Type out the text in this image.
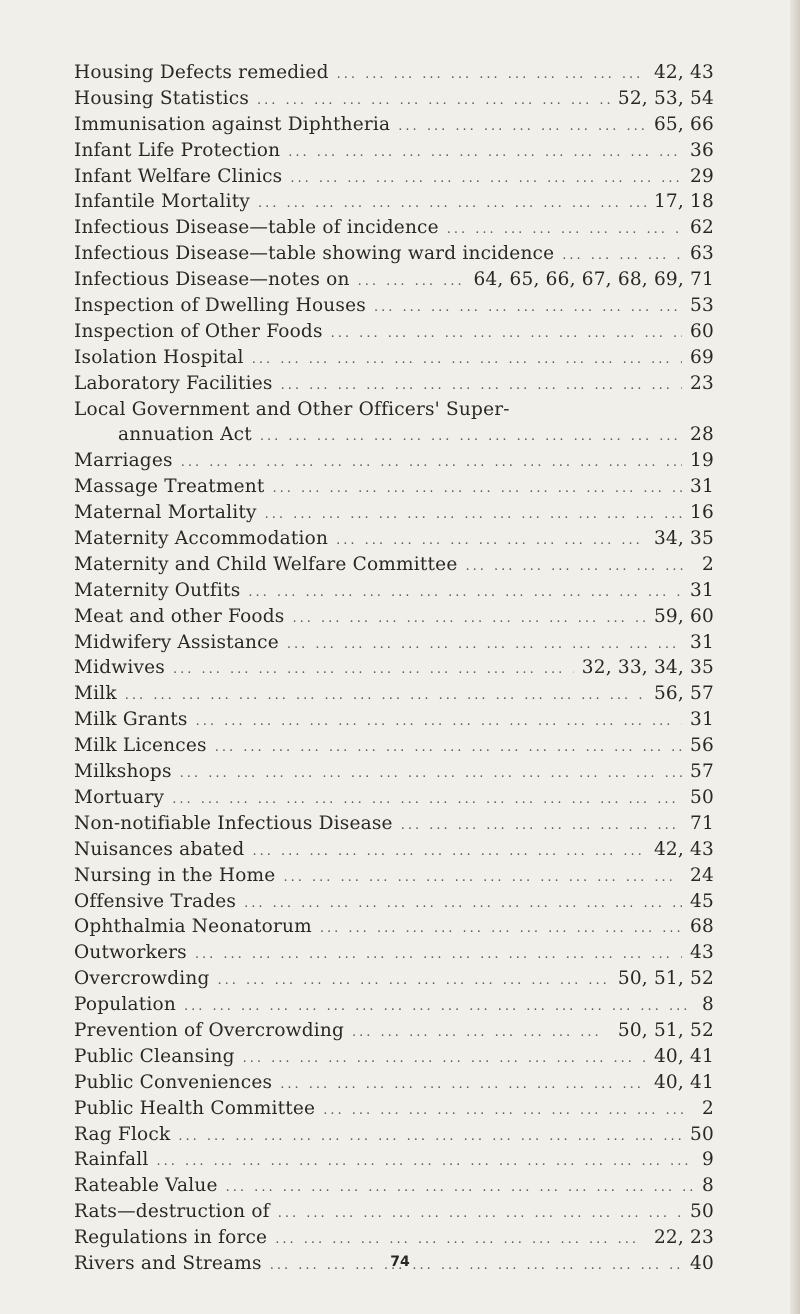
Housing Defects remedied ... .	42, 43
Housing Statistics ... .	52, 53, 54
Immunisation against Diphtheria ... .	65, 66
Infant Life Protection ... .	36
Infant Welfare Clinics ... .	29
Infantile Mortality ... .	17, 18
Infectious Disease—table of incidence ... .	62
Infectious Disease—table showing ward incidence ... .	63
Infectious Disease—notes on ... .	64, 65, 66, 67, 68, 69, 71
Inspection of Dwelling Houses ... .	53
Inspection of Other Foods ... .	60
Isolation Hospital ... .	69
Laboratory Facilities ... .	23
Local Government and Other Officers' Super-
annuation Act ... .	28
Marriages ... .	19
Massage Treatment ... .	31
Maternal Mortality ... .	16
Maternity Accommodation ... .	34, 35
Maternity and Child Welfare Committee ... .	2
Maternity Outfits ... .	31
Meat and other Foods ... .	59, 60
Midwifery Assistance ... .	31
Midwives ... .	32, 33, 34, 35
Milk ... .	56, 57
Milk Grants ... .	31
Milk Licences ... .	56
Milkshops ... .	57
Mortuary ... .	50
Non-notifiable Infectious Disease ... .	71
Nuisances abated ... .	42, 43
Nursing in the Home ... .	24
Offensive Trades ... .	45
Ophthalmia Neonatorum ... .	68
Outworkers ... .	43
Overcrowding ... .	50, 51, 52
Population ... .	8
Prevention of Overcrowding ... .	50, 51, 52
Public Cleansing ... .	40, 41
Public Conveniences ... .	40, 41
Public Health Committee ... .	2
Rag Flock ... .	50
Rainfall ... .	9
Rateable Value ... .	8
Rats—destruction of ... .	50
Regulations in force ... .	22, 23
Rivers and Streams ... .	40
74
